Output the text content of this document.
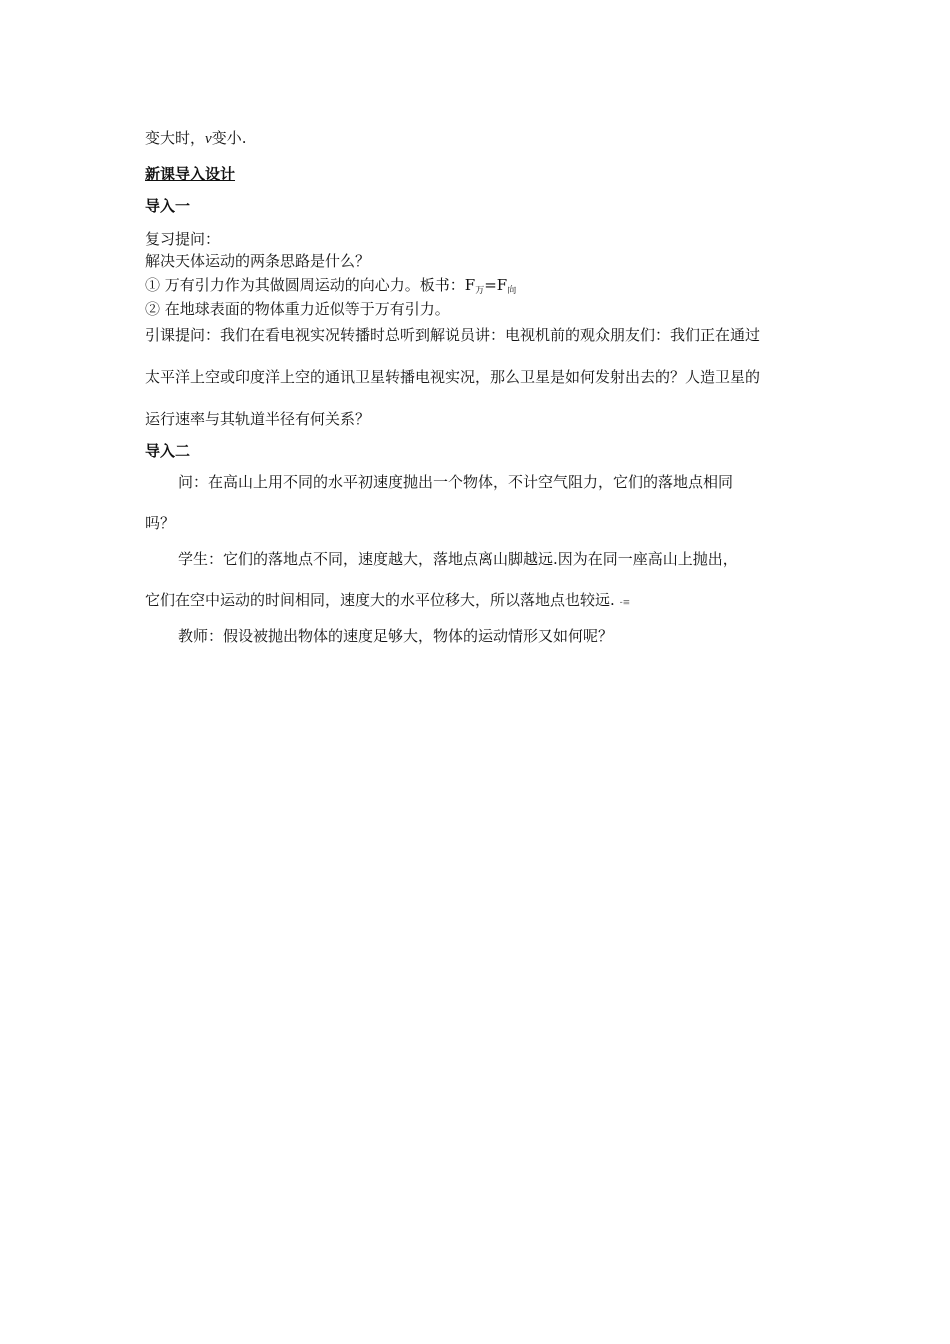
变大时，v变小.
新课导入设计
导入一
复习提问：
解决天体运动的两条思路是什么？
① 万有引力作为其做圆周运动的向心力。板书：$F_万=F_向$
② 在地球表面的物体重力近似等于万有引力。
引课提问：我们在看电视实况转播时总听到解说员讲：电视机前的观众朋友们：我们正在通过
太平洋上空或印度洋上空的通讯卫星转播电视实况，那么卫星是如何发射出去的？人造卫星的
运行速率与其轨道半径有何关系？
导入二
问：在高山上用不同的水平初速度抛出一个物体，不计空气阻力，它们的落地点相同
吗？
学生：它们的落地点不同，速度越大，落地点离山脚越远.因为在同一座高山上抛出，
它们在空中运动的时间相同，速度大的水平位移大，所以落地点也较远. -≡
教师：假设被抛出物体的速度足够大，物体的运动情形又如何呢？
